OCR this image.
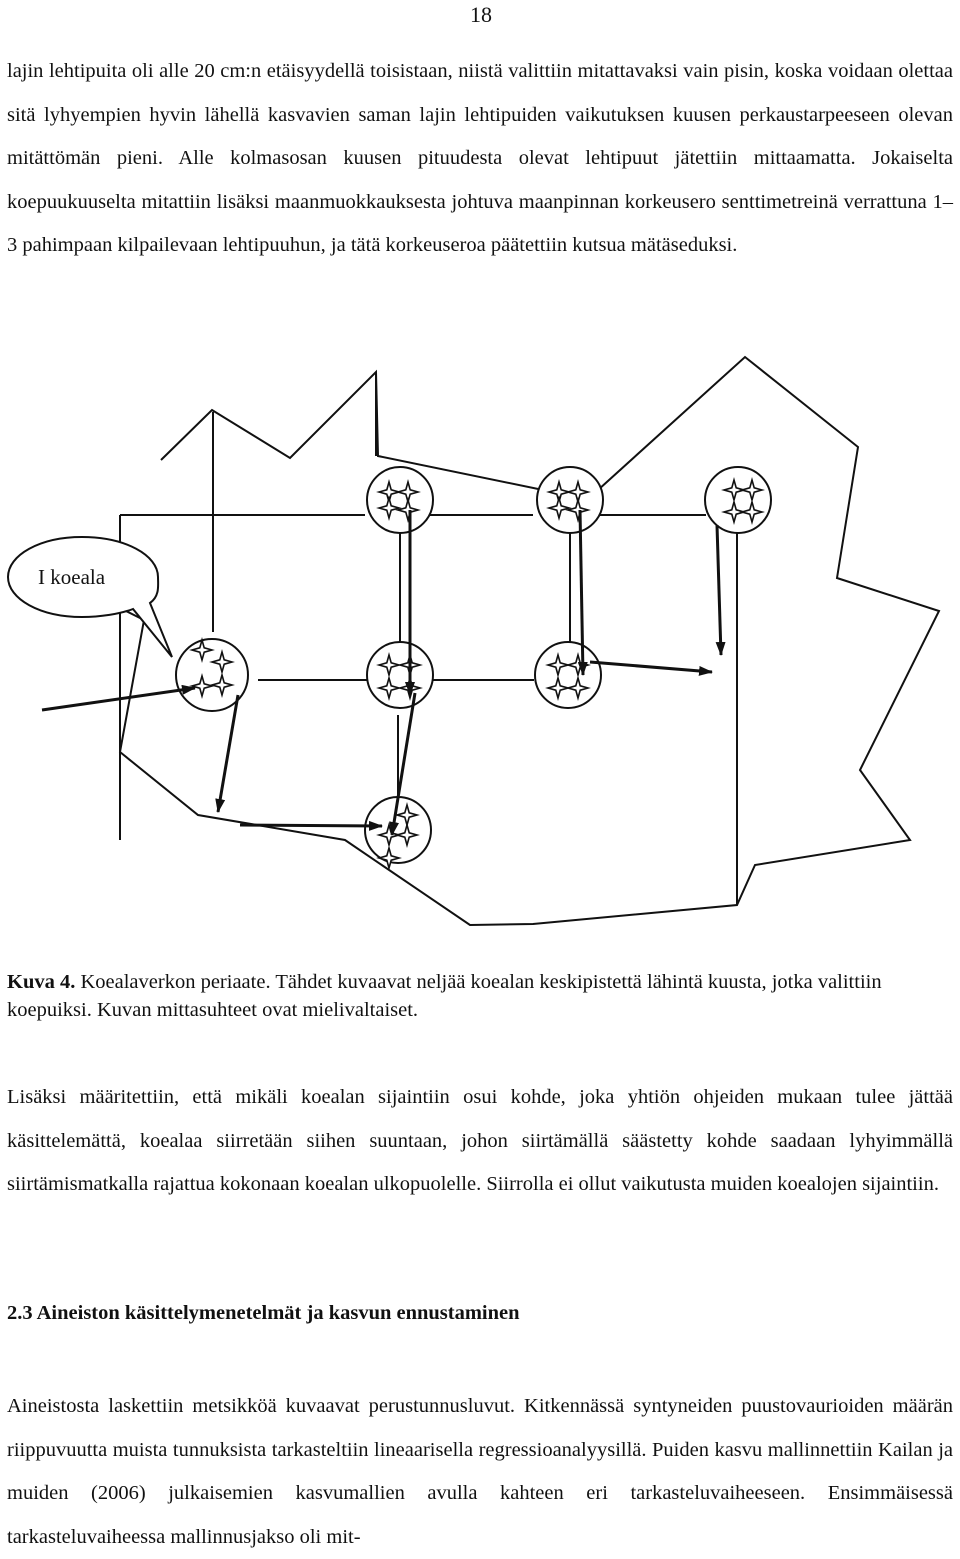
18

lajin lehtipuita oli alle 20 cm:n etäisyydellä toisistaan, niistä valittiin mitattavaksi vain pisin, koska voidaan olettaa sitä lyhyempien hyvin lähellä kasvavien saman lajin lehtipuiden vaikutuksen kuusen perkaustarpeeseen olevan mitättömän pieni. Alle kolmasosan kuusen pituudesta olevat lehtipuut jätettiin mittaamatta. Jokaiselta koepuukuuselta mitattiin lisäksi maanmuokkauksesta johtuva maanpinnan korkeusero senttimetreinä verrattuna 1–3 pahimpaan kilpailevaan lehtipuuhun, ja tätä korkeuseroa päätettiin kutsua mätäseduksi.

I koeala

Kuva 4. Koealaverkon periaate. Tähdet kuvaavat neljää koealan keskipistettä lähintä kuusta, jotka valittiin koepuiksi. Kuvan mittasuhteet ovat mielivaltaiset.

Lisäksi määritettiin, että mikäli koealan sijaintiin osui kohde, joka yhtiön ohjeiden mukaan tulee jättää käsittelemättä, koealaa siirretään siihen suuntaan, johon siirtämällä säästetty kohde saadaan lyhyimmällä siirtämismatkalla rajattua kokonaan koealan ulkopuolelle. Siirrolla ei ollut vaikutusta muiden koealojen sijaintiin.

2.3 Aineiston käsittelymenetelmät ja kasvun ennustaminen

Aineistosta laskettiin metsikköä kuvaavat perustunnusluvut. Kitkennässä syntyneiden puustovaurioiden määrän riippuvuutta muista tunnuksista tarkasteltiin lineaarisella regressioanalyysillä. Puiden kasvu mallinnettiin Kailan ja muiden (2006) julkaisemien kasvumallien avulla kahteen eri tarkasteluvaiheeseen. Ensimmäisessä tarkasteluvaiheessa mallinnusjakso oli mit-
